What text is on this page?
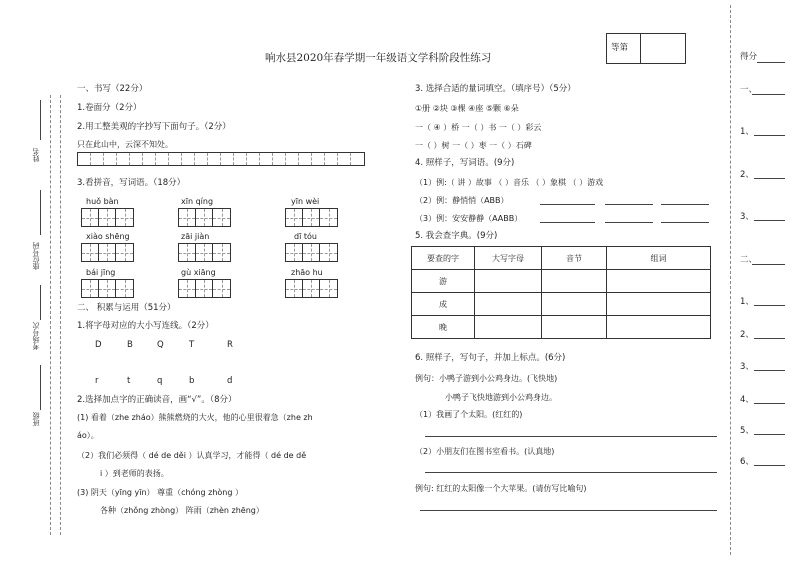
姓名
座位号码
考场号次
班级
得分
一、
1、
2、
3、
二、
1、
2、
3、
4、
5、
6、
响水县2020年春学期一年级语文学科阶段性练习
等第
一、书写（22分）
1.卷面分（2分）
2.用工整美观的字抄写下面句子。（2分）
只在此山中，云深不知处。
3.看拼音，写词语。（18分）
huǒ bàn	xīn qíng	yīn wèi
xiào shēng	zāi jiàn	dī tóu
bái jīng	gù xiāng	zhāo hu
二、 积累与运用（51分）
1.将字母对应的大小写连线。（2分）
D	B	Q	T	R
r	t	q	b	d
2.选择加点字的正确读音，画“√”。（8分）
(1) 看着（zhe zháo）熊熊燃烧的大火，他的心里很着急（zhe zh
áo）。
（2）我们必须得（ dé de děi ）认真学习，才能得（ dé de dě
i ）到老师的表扬。
(3) 阴天（yīng yīn） 尊重（chóng zhòng ）
各种（zhǒng zhòng） 阵雨（zhèn zhēng）
3. 选择合适的量词填空。（填序号）（5分）
①册 ②块 ③棵 ④座 ⑤颗 ⑥朵
一（ ④ ）桥 一（ ）书 一（ ）彩云
一（ ）树 一（ ）枣 一（ ）石碑
4. 照样子，写词语。(9分)
（1）例:（ 讲 ）故事 （ ）音乐 （ ）象棋 （ ）游戏
（2）例：静悄悄（ABB）
（3）例：安安静静（AABB）
5. 我会查字典。(9分)
要查的字	大写字母	音节	组词
游			
成			
晚			
6. 照样子，写句子，并加上标点。(6分)
例句：小鸭子游到小公鸡身边。(飞快地)
小鸭子飞快地游到小公鸡身边。
（1）我画了个太阳。(红红的)
（2）小朋友们在图书室看书。(认真地)
例句: 红红的太阳像一个大苹果。(请仿写比喻句)
